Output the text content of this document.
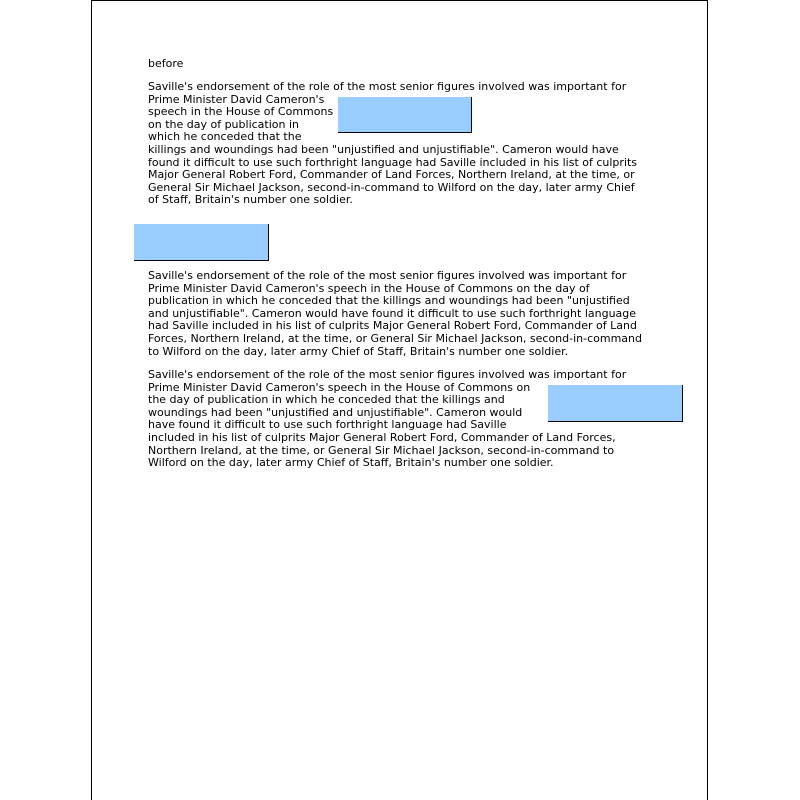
before
Saville's endorsement of the role of the most senior figures involved was important for
Prime Minister David Cameron's
speech in the House of Commons
on the day of publication in
which he conceded that the
killings and woundings had been "unjustified and unjustifiable". Cameron would have
found it difficult to use such forthright language had Saville included in his list of culprits
Major General Robert Ford, Commander of Land Forces, Northern Ireland, at the time, or
General Sir Michael Jackson, second-in-command to Wilford on the day, later army Chief
of Staff, Britain's number one soldier.
Saville's endorsement of the role of the most senior figures involved was important for
Prime Minister David Cameron's speech in the House of Commons on the day of
publication in which he conceded that the killings and woundings had been "unjustified
and unjustifiable". Cameron would have found it difficult to use such forthright language
had Saville included in his list of culprits Major General Robert Ford, Commander of Land
Forces, Northern Ireland, at the time, or General Sir Michael Jackson, second-in-command
to Wilford on the day, later army Chief of Staff, Britain's number one soldier.
Saville's endorsement of the role of the most senior figures involved was important for
Prime Minister David Cameron's speech in the House of Commons on
the day of publication in which he conceded that the killings and
woundings had been "unjustified and unjustifiable". Cameron would
have found it difficult to use such forthright language had Saville
included in his list of culprits Major General Robert Ford, Commander of Land Forces,
Northern Ireland, at the time, or General Sir Michael Jackson, second-in-command to
Wilford on the day, later army Chief of Staff, Britain's number one soldier.
